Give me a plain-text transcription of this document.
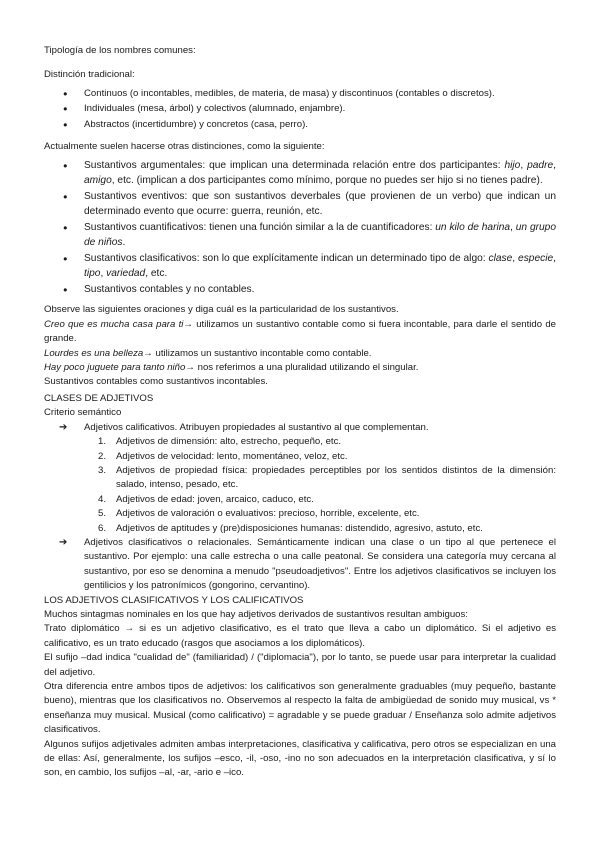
Tipología de los nombres comunes:

Distinción tradicional:

● Continuos (o incontables, medibles, de materia, de masa) y discontinuos (contables o discretos).
● Individuales (mesa, árbol) y colectivos (alumnado, enjambre).
● Abstractos (incertidumbre) y concretos (casa, perro).

Actualmente suelen hacerse otras distinciones, como la siguiente:

● Sustantivos argumentales: que implican una determinada relación entre dos participantes: hijo, padre, amigo, etc. (implican a dos participantes como mínimo, porque no puedes ser hijo si no tienes padre).
● Sustantivos eventivos: que son sustantivos deverbales (que provienen de un verbo) que indican un determinado evento que ocurre: guerra, reunión, etc.
● Sustantivos cuantificativos: tienen una función similar a la de cuantificadores: un kilo de harina, un grupo de niños.
● Sustantivos clasificativos: son lo que explícitamente indican un determinado tipo de algo: clase, especie, tipo, variedad, etc.
● Sustantivos contables y no contables.

Observe las siguientes oraciones y diga cuál es la particularidad de los sustantivos.

Creo que es mucha casa para ti→ utilizamos un sustantivo contable como si fuera incontable, para darle el sentido de grande.

Lourdes es una belleza→ utilizamos un sustantivo incontable como contable.

Hay poco juguete para tanto niño→ nos referimos a una pluralidad utilizando el singular.

Sustantivos contables como sustantivos incontables.

CLASES DE ADJETIVOS

Criterio semántico

➔ Adjetivos calificativos. Atribuyen propiedades al sustantivo al que complementan.
1. Adjetivos de dimensión: alto, estrecho, pequeño, etc.
2. Adjetivos de velocidad: lento, momentáneo, veloz, etc.
3. Adjetivos de propiedad física: propiedades perceptibles por los sentidos distintos de la dimensión: salado, intenso, pesado, etc.
4. Adjetivos de edad: joven, arcaico, caduco, etc.
5. Adjetivos de valoración o evaluativos: precioso, horrible, excelente, etc.
6. Adjetivos de aptitudes y (pre)disposiciones humanas: distendido, agresivo, astuto, etc.
➔ Adjetivos clasificativos o relacionales. Semánticamente indican una clase o un tipo al que pertenece el sustantivo. Por ejemplo: una calle estrecha o una calle peatonal. Se considera una categoría muy cercana al sustantivo, por eso se denomina a menudo "pseudoadjetivos". Entre los adjetivos clasificativos se incluyen los gentilicios y los patronímicos (gongorino, cervantino).

LOS ADJETIVOS CLASIFICATIVOS Y LOS CALIFICATIVOS

Muchos sintagmas nominales en los que hay adjetivos derivados de sustantivos resultan ambiguos:

Trato diplomático → si es un adjetivo clasificativo, es el trato que lleva a cabo un diplomático. Si el adjetivo es calificativo, es un trato educado (rasgos que asociamos a los diplomáticos).

El sufijo –dad indica "cualidad de" (familiaridad) / ("diplomacia"), por lo tanto, se puede usar para interpretar la cualidad del adjetivo.

Otra diferencia entre ambos tipos de adjetivos: los calificativos son generalmente graduables (muy pequeño, bastante bueno), mientras que los clasificativos no. Observemos al respecto la falta de ambigüedad de sonido muy musical, vs * enseñanza muy musical. Musical (como calificativo) = agradable y se puede graduar / Enseñanza solo admite adjetivos clasificativos.

Algunos sufijos adjetivales admiten ambas interpretaciones, clasificativa y calificativa, pero otros se especializan en una de ellas: Así, generalmente, los sufijos –esco, -il, -oso, -ino no son adecuados en la interpretación clasificativa, y sí lo son, en cambio, los sufijos –al, -ar, -ario e –ico.
